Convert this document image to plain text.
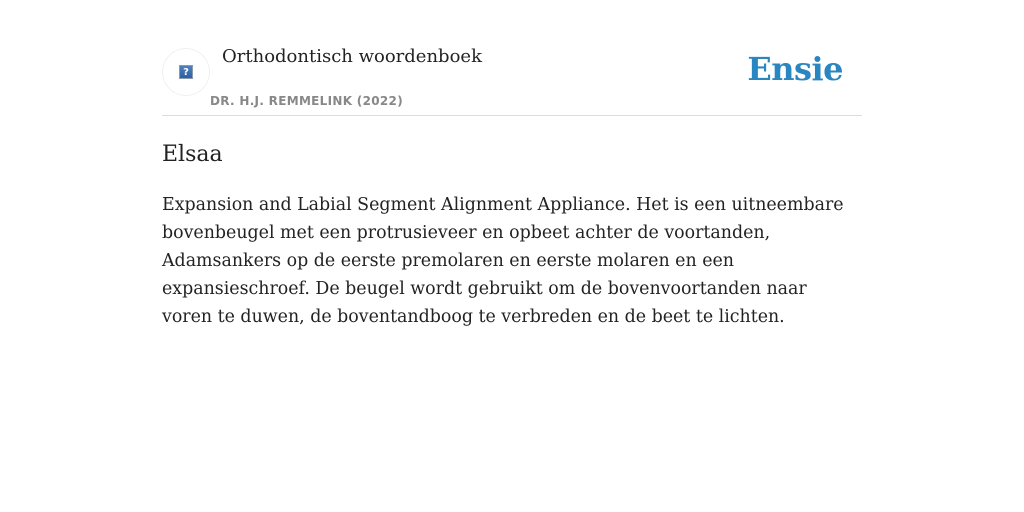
?
Orthodontisch woordenboek
DR. H.J. REMMELINK (2022)
Ensie
Elsaa

Expansion and Labial Segment Alignment Appliance. Het is een uitneembare bovenbeugel met een protrusieveer en opbeet achter de voortanden, Adamsankers op de eerste premolaren en eerste molaren en een expansieschroef. De beugel wordt gebruikt om de bovenvoortanden naar voren te duwen, de boventandboog te verbreden en de beet te lichten.
